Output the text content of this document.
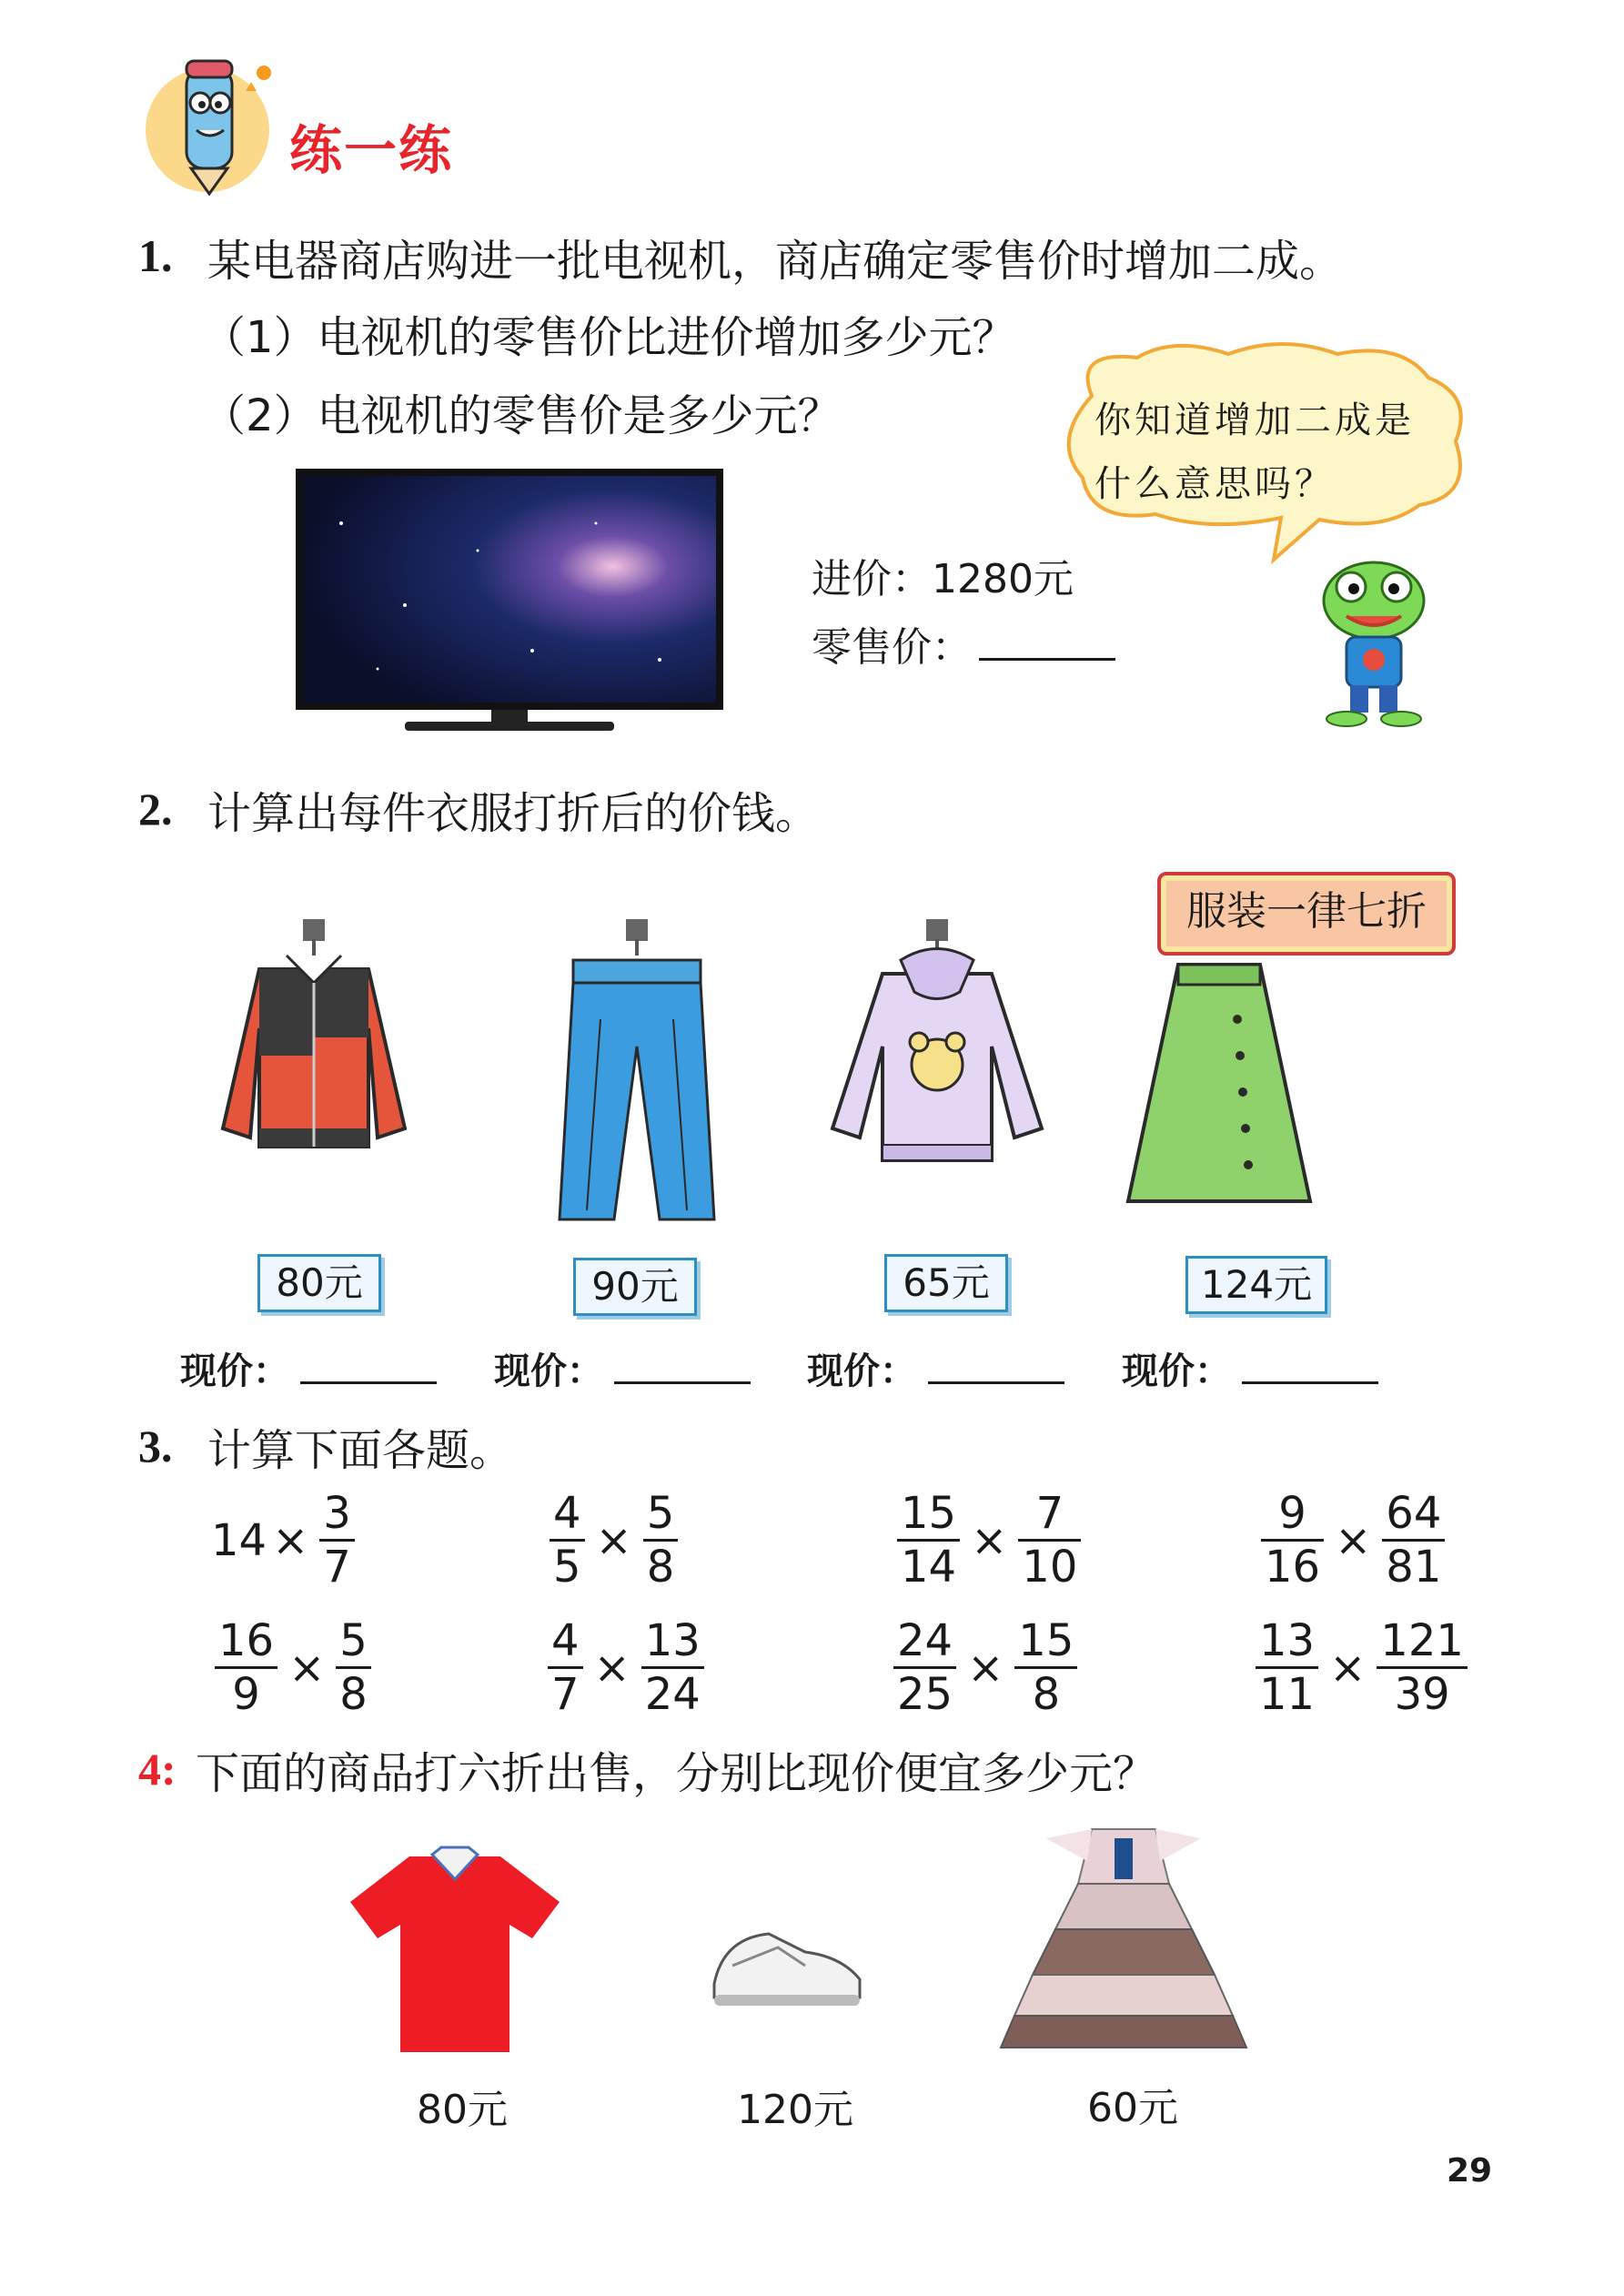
练一练
1. 某电器商店购进一批电视机，商店确定零售价时增加二成。
（1）电视机的零售价比进价增加多少元？
（2）电视机的零售价是多少元？
进价：1280元
零售价：
你知道增加二成是
什么意思吗？
2. 计算出每件衣服打折后的价钱。
服装一律七折
80元	90元	65元	124元
现价：	现价：	现价：	现价：
3. 计算下面各题。
$14 \times \frac{3}{7}$	$\frac{4}{5} \times \frac{5}{8}$	$\frac{15}{14} \times \frac{7}{10}$	$\frac{9}{16} \times \frac{64}{81}$
$\frac{16}{9} \times \frac{5}{8}$	$\frac{4}{7} \times \frac{13}{24}$	$\frac{24}{25} \times \frac{15}{8}$	$\frac{13}{11} \times \frac{121}{39}$
4: 下面的商品打六折出售，分别比现价便宜多少元？
80元	120元	60元
29
